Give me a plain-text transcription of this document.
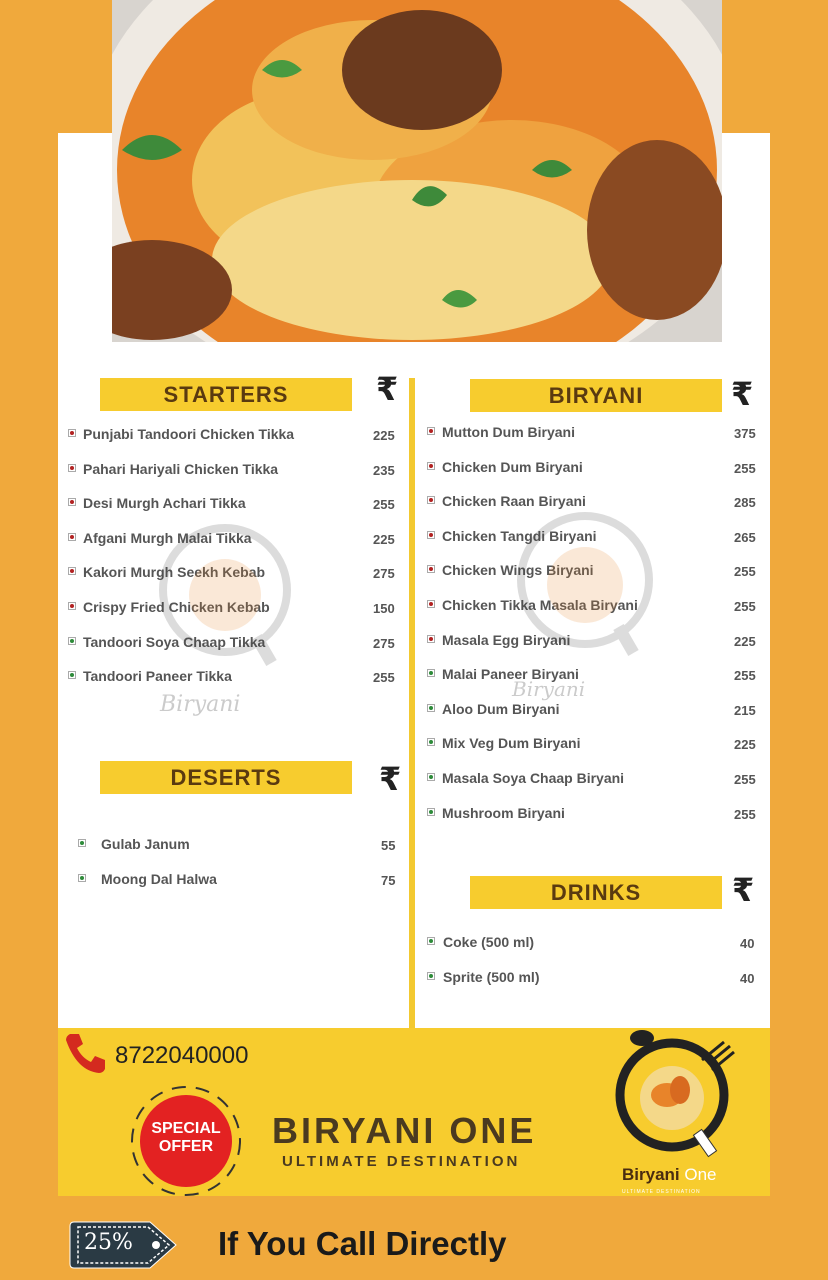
STARTERS	₹
Punjabi Tandoori Chicken Tikka	225
Pahari Hariyali Chicken Tikka	235
Desi Murgh Achari Tikka	255
Afgani Murgh Malai Tikka	225
Kakori Murgh Seekh Kebab	275
Crispy Fried Chicken Kebab	150
Tandoori Soya Chaap Tikka	275
Tandoori Paneer Tikka	255
DESERTS	₹
Gulab Janum	55
Moong Dal Halwa	75
BIRYANI	₹
Mutton Dum Biryani	375
Chicken Dum Biryani	255
Chicken Raan Biryani	285
Chicken Tangdi Biryani	265
Chicken Wings Biryani	255
Chicken Tikka Masala Biryani	255
Masala Egg Biryani	225
Malai Paneer Biryani	255
Aloo Dum Biryani	215
Mix Veg Dum Biryani	225
Masala Soya Chaap Biryani	255
Mushroom Biryani	255
DRINKS	₹
Coke (500 ml)	40
Sprite (500 ml)	40
Biryani
Biryani
8722040000
SPECIAL
OFFER	BIRYANI ONE
ULTIMATE DESTINATION
Biryani One
ULTIMATE DESTINATION
25%	If You Call Directly
